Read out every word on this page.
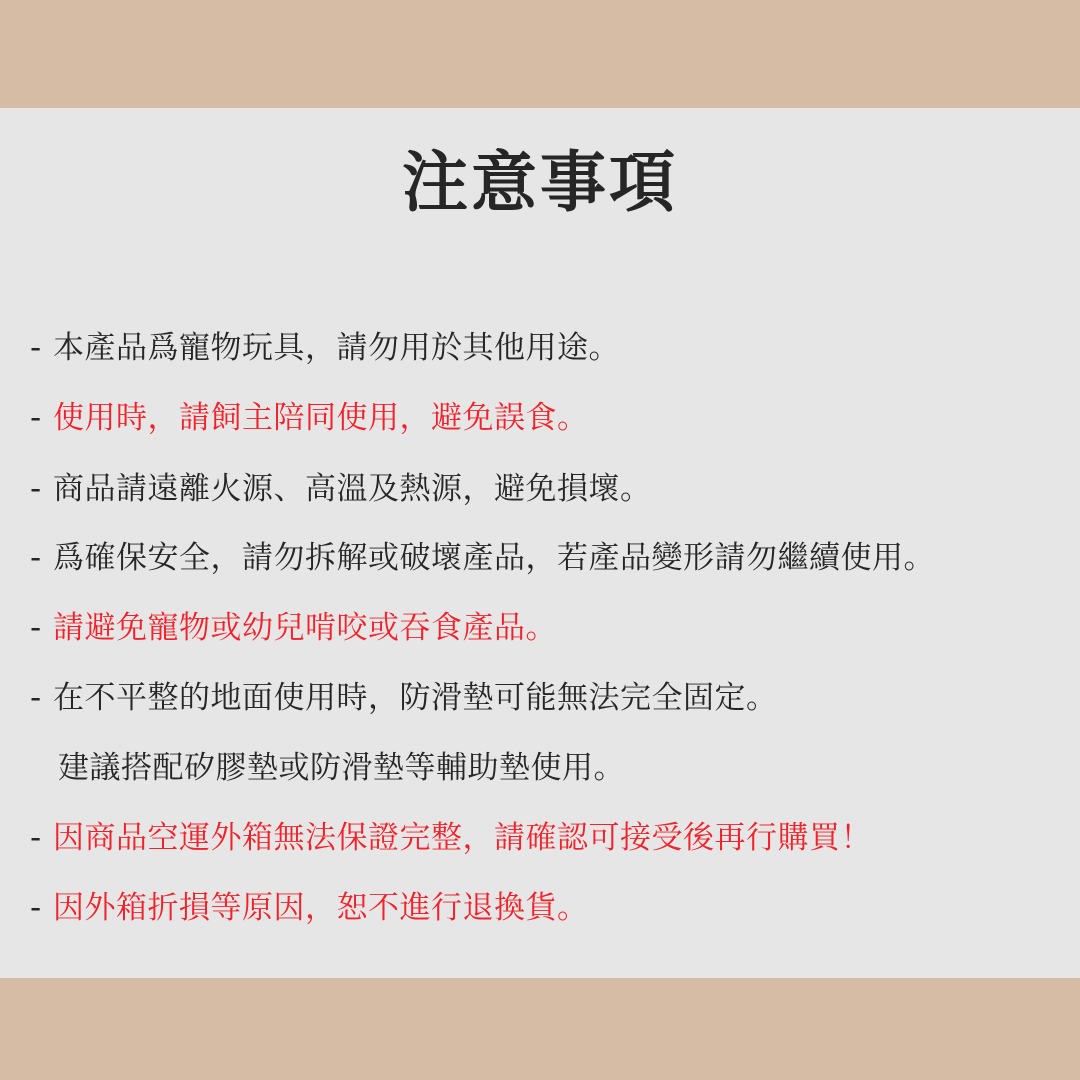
注意事項
- 本產品爲寵物玩具，請勿用於其他用途。
- 使用時，請飼主陪同使用，避免誤食。
- 商品請遠離火源、高溫及熱源，避免損壞。
- 爲確保安全，請勿拆解或破壞產品，若產品變形請勿繼續使用。
- 請避免寵物或幼兒啃咬或吞食產品。
- 在不平整的地面使用時，防滑墊可能無法完全固定。
建議搭配矽膠墊或防滑墊等輔助墊使用。
- 因商品空運外箱無法保證完整，請確認可接受後再行購買！
- 因外箱折損等原因，恕不進行退換貨。
